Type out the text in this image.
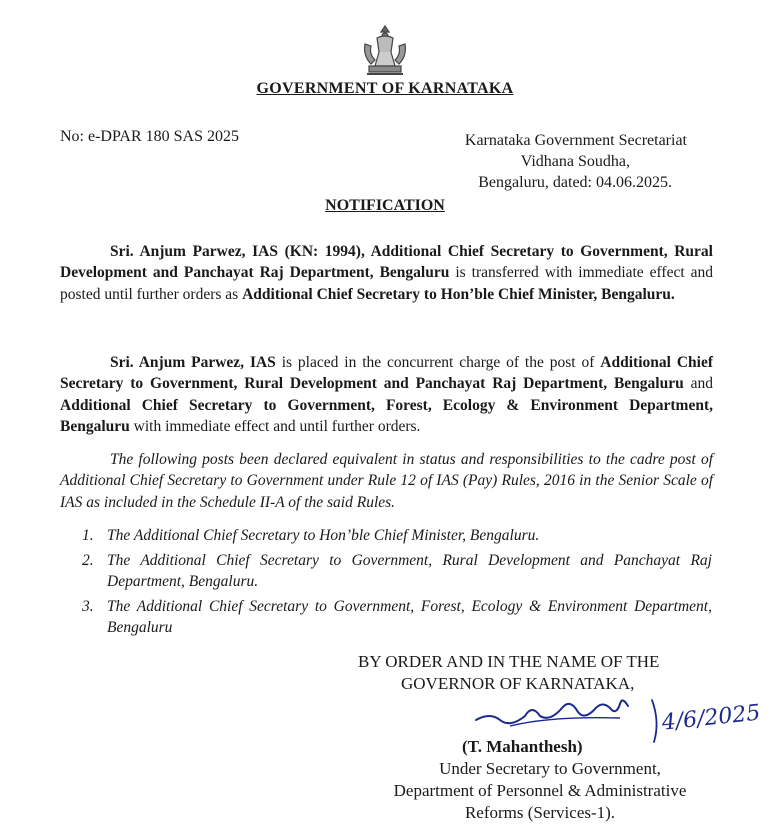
GOVERNMENT OF KARNATAKA
No: e-DPAR 180 SAS 2025	Karnataka Government Secretariat
Vidhana Soudha,
Bengaluru, dated: 04.06.2025.
NOTIFICATION
Sri. Anjum Parwez, IAS (KN: 1994), Additional Chief Secretary to Government, Rural Development and Panchayat Raj Department, Bengaluru is transferred with immediate effect and posted until further orders as Additional Chief Secretary to Hon’ble Chief Minister, Bengaluru.
Sri. Anjum Parwez, IAS is placed in the concurrent charge of the post of Additional Chief Secretary to Government, Rural Development and Panchayat Raj Department, Bengaluru and Additional Chief Secretary to Government, Forest, Ecology & Environment Department, Bengaluru with immediate effect and until further orders.
The following posts been declared equivalent in status and responsibilities to the cadre post of Additional Chief Secretary to Government under Rule 12 of IAS (Pay) Rules, 2016 in the Senior Scale of IAS as included in the Schedule II-A of the said Rules.
1. The Additional Chief Secretary to Hon’ble Chief Minister, Bengaluru.
2. The Additional Chief Secretary to Government, Rural Development and Panchayat Raj Department, Bengaluru.
3. The Additional Chief Secretary to Government, Forest, Ecology & Environment Department, Bengaluru
BY ORDER AND IN THE NAME OF THE
GOVERNOR OF KARNATAKA,
4/6/2025
(T. Mahanthesh)
Under Secretary to Government,
Department of Personnel & Administrative
Reforms (Services-1).
